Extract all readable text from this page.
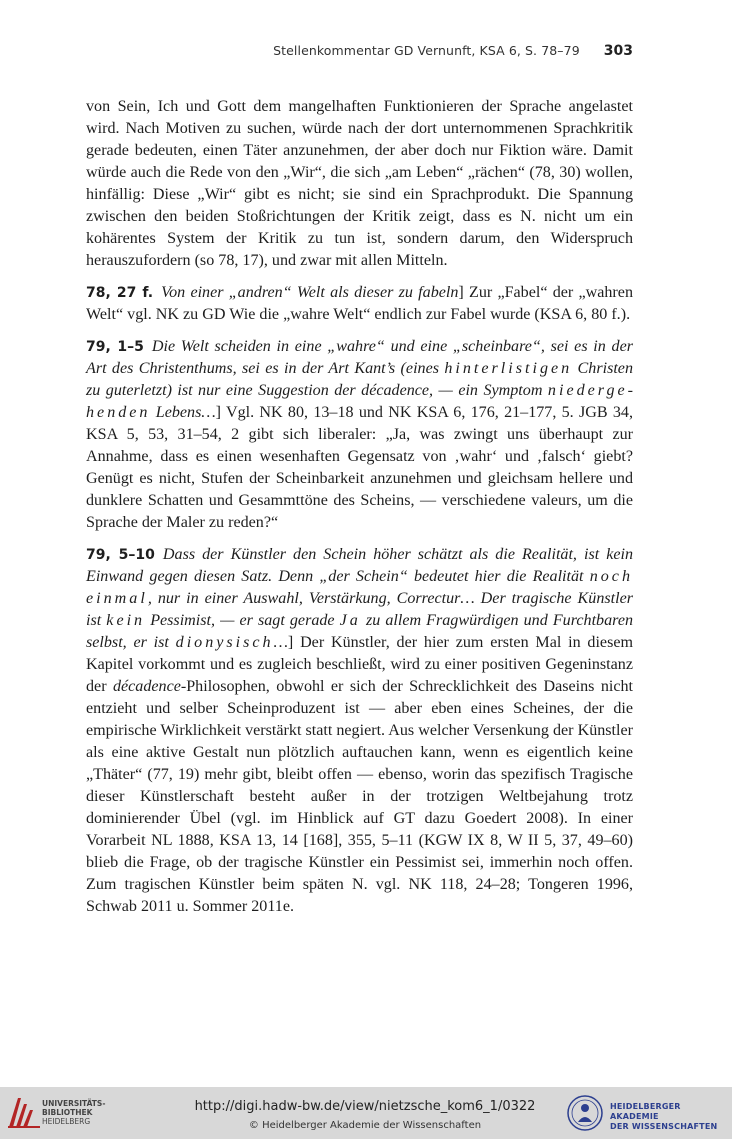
Stellenkommentar GD Vernunft, KSA 6, S. 78–79 303

von Sein, Ich und Gott dem mangelhaften Funktionieren der Sprache angelastet wird. Nach Motiven zu suchen, würde nach der dort unternommenen Sprachkritik gerade bedeuten, einen Täter anzunehmen, der aber doch nur Fiktion wäre. Damit würde auch die Rede von den „Wir“, die sich „am Leben“ „rächen“ (78, 30) wollen, hinfällig: Diese „Wir“ gibt es nicht; sie sind ein Sprachprodukt. Die Spannung zwischen den beiden Stoßrichtungen der Kritik zeigt, dass es N. nicht um ein kohärentes System der Kritik zu tun ist, sondern darum, den Widerspruch herauszufordern (so 78, 17), und zwar mit allen Mitteln.

78, 27 f. Von einer „andren“ Welt als dieser zu fabeln] Zur „Fabel“ der „wahren Welt“ vgl. NK zu GD Wie die „wahre Welt“ endlich zur Fabel wurde (KSA 6, 80 f.).

79, 1–5 Die Welt scheiden in eine „wahre“ und eine „scheinbare“, sei es in der Art des Christenthums, sei es in der Art Kant’s (eines hinterlistigen Christen zu guterletzt) ist nur eine Suggestion der décadence, — ein Symptom niedergehenden Lebens…] Vgl. NK 80, 13–18 und NK KSA 6, 176, 21–177, 5. JGB 34, KSA 5, 53, 31–54, 2 gibt sich liberaler: „Ja, was zwingt uns überhaupt zur Annahme, dass es einen wesenhaften Gegensatz von ‚wahr‘ und ‚falsch‘ giebt? Genügt es nicht, Stufen der Scheinbarkeit anzunehmen und gleichsam hellere und dunklere Schatten und Gesammttöne des Scheins, — verschiedene valeurs, um die Sprache der Maler zu reden?“

79, 5–10 Dass der Künstler den Schein höher schätzt als die Realität, ist kein Einwand gegen diesen Satz. Denn „der Schein“ bedeutet hier die Realität noch einmal, nur in einer Auswahl, Verstärkung, Correctur… Der tragische Künstler ist kein Pessimist, — er sagt gerade Ja zu allem Fragwürdigen und Furchtbaren selbst, er ist dionysisch…] Der Künstler, der hier zum ersten Mal in diesem Kapitel vorkommt und es zugleich beschließt, wird zu einer positiven Gegeninstanz der décadence-Philosophen, obwohl er sich der Schrecklichkeit des Daseins nicht entzieht und selber Scheinproduzent ist — aber eben eines Scheines, der die empirische Wirklichkeit verstärkt statt negiert. Aus welcher Versenkung der Künstler als eine aktive Gestalt nun plötzlich auftauchen kann, wenn es eigentlich keine „Thäter“ (77, 19) mehr gibt, bleibt offen — ebenso, worin das spezifisch Tragische dieser Künstlerschaft besteht außer in der trotzigen Weltbejahung trotz dominierender Übel (vgl. im Hinblick auf GT dazu Goedert 2008). In einer Vorarbeit NL 1888, KSA 13, 14 [168], 355, 5–11 (KGW IX 8, W II 5, 37, 49–60) blieb die Frage, ob der tragische Künstler ein Pessimist sei, immerhin noch offen. Zum tragischen Künstler beim späten N. vgl. NK 118, 24–28; Tongeren 1996, Schwab 2011 u. Sommer 2011e.

UNIVERSITÄTS-
BIBLIOTHEK
HEIDELBERG
http://digi.hadw-bw.de/view/nietzsche_kom6_1/0322
© Heidelberger Akademie der Wissenschaften
HEIDELBERGER AKADEMIE
DER WISSENSCHAFTEN
